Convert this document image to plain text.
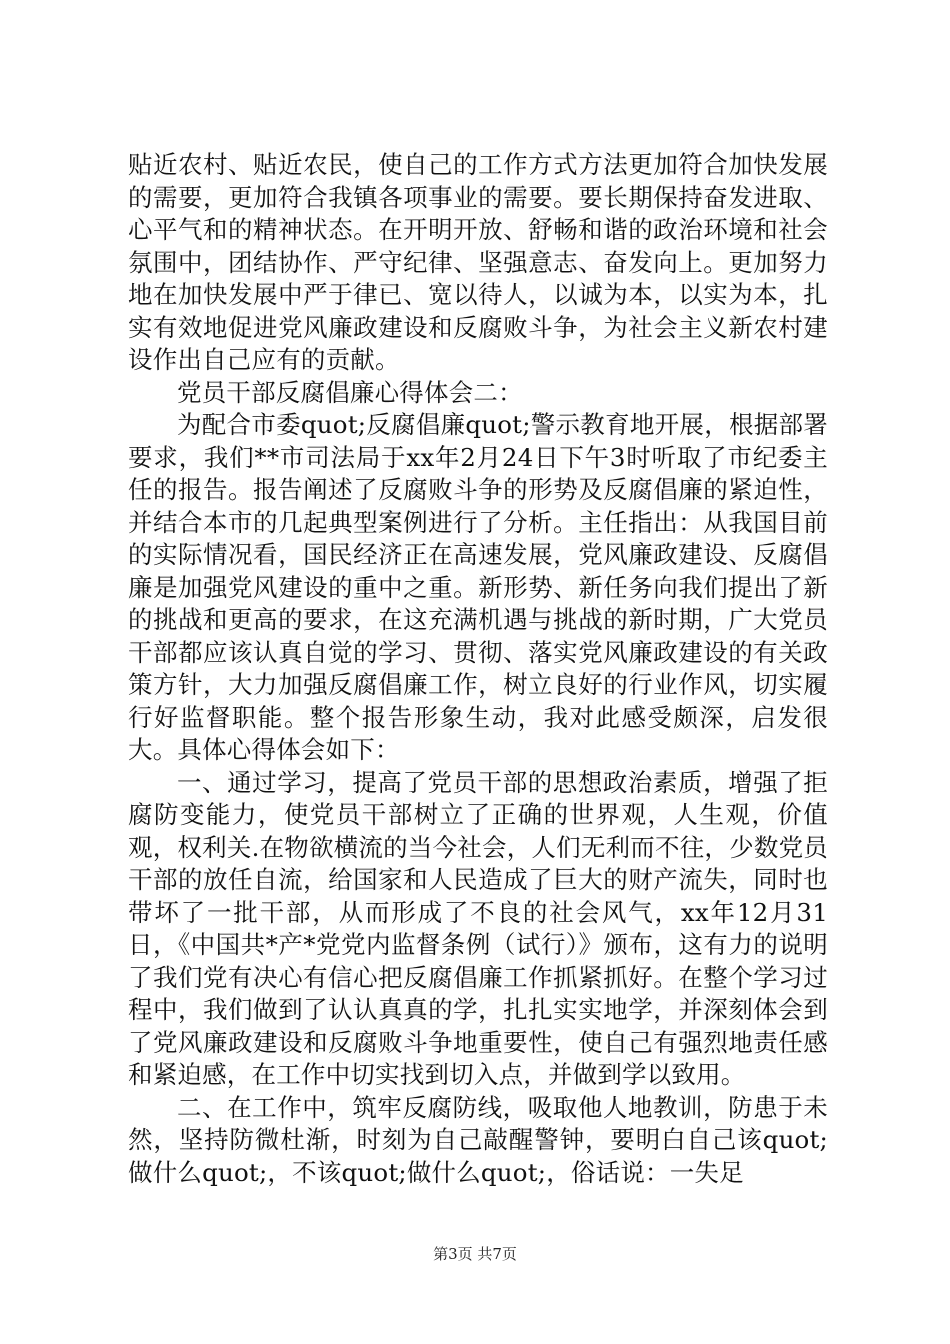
贴近农村、贴近农民，使自己的工作方式方法更加符合加快发展的需要，更加符合我镇各项事业的需要。要长期保持奋发进取、心平气和的精神状态。在开明开放、舒畅和谐的政治环境和社会氛围中，团结协作、严守纪律、坚强意志、奋发向上。更加努力地在加快发展中严于律已、宽以待人，以诚为本，以实为本，扎实有效地促进党风廉政建设和反腐败斗争，为社会主义新农村建设作出自己应有的贡献。

党员干部反腐倡廉心得体会二：

为配合市委quot;反腐倡廉quot;警示教育地开展，根据部署要求，我们**市司法局于xx年2月24日下午3时听取了市纪委主任的报告。报告阐述了反腐败斗争的形势及反腐倡廉的紧迫性，并结合本市的几起典型案例进行了分析。主任指出：从我国目前的实际情况看，国民经济正在高速发展，党风廉政建设、反腐倡廉是加强党风建设的重中之重。新形势、新任务向我们提出了新的挑战和更高的要求，在这充满机遇与挑战的新时期，广大党员干部都应该认真自觉的学习、贯彻、落实党风廉政建设的有关政策方针，大力加强反腐倡廉工作，树立良好的行业作风，切实履行好监督职能。整个报告形象生动，我对此感受颇深，启发很大。具体心得体会如下：

一、通过学习，提高了党员干部的思想政治素质，增强了拒腐防变能力，使党员干部树立了正确的世界观，人生观，价值观，权利关.在物欲横流的当今社会，人们无利而不往，少数党员干部的放任自流，给国家和人民造成了巨大的财产流失，同时也带坏了一批干部，从而形成了不良的社会风气，xx年12月31日，《中国共*产*党党内监督条例（试行）》颁布，这有力的说明了我们党有决心有信心把反腐倡廉工作抓紧抓好。在整个学习过程中，我们做到了认认真真的学，扎扎实实地学，并深刻体会到了党风廉政建设和反腐败斗争地重要性，使自己有强烈地责任感和紧迫感，在工作中切实找到切入点，并做到学以致用。

二、在工作中，筑牢反腐防线，吸取他人地教训，防患于未然，坚持防微杜渐，时刻为自己敲醒警钟，要明白自己该quot;做什么quot;，不该quot;做什么quot;，俗话说：一失足

第3页 共7页
